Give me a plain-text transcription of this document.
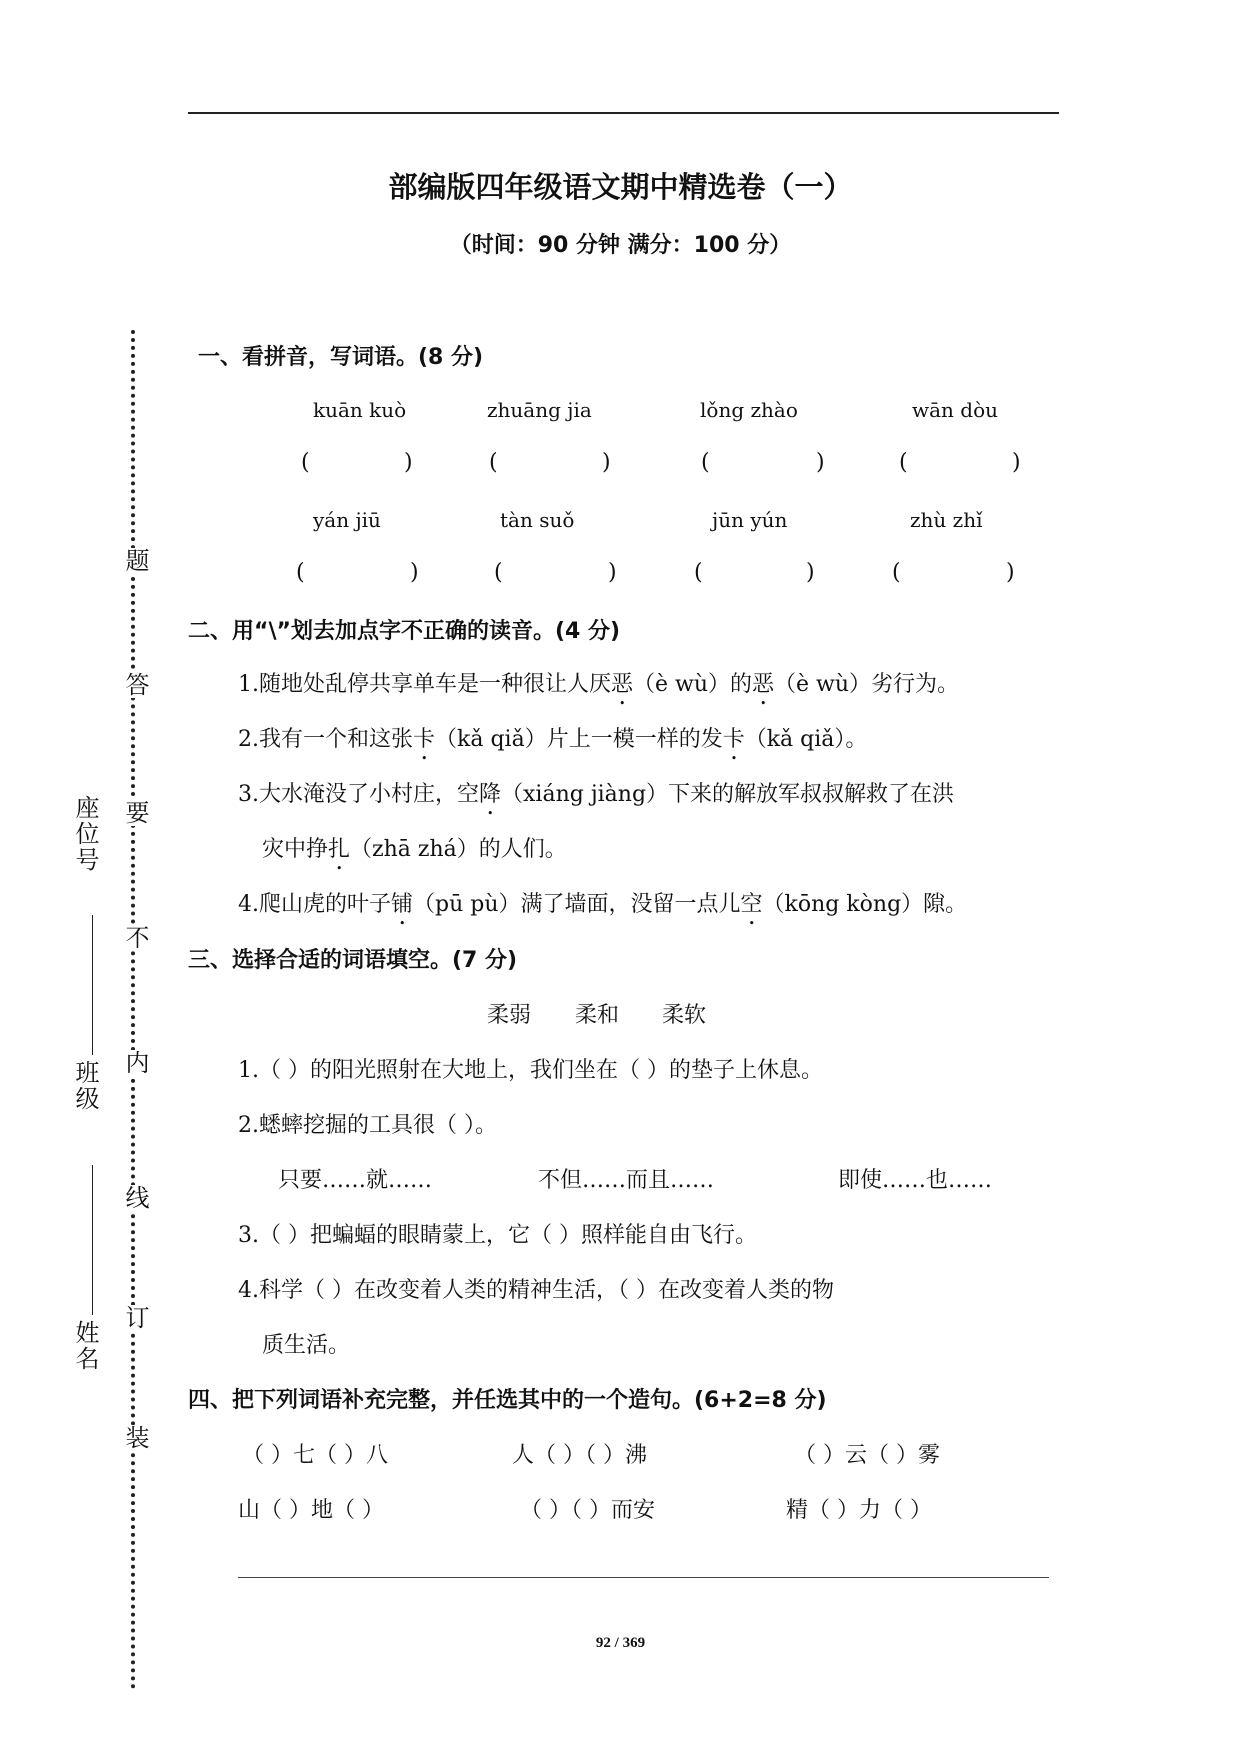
部编版四年级语文期中精选卷（一）
（时间：90 分钟 满分：100 分）
装
订
线
内
不
要
答
题
姓名
班级
座位号
一、看拼音，写词语。(8 分)
kuān kuò	zhuāng jia	lǒng zhào	wān dòu
(	)	(	)	(	)	(	)
yán jiū	tàn suǒ	jūn yún	zhù zhǐ
(	)	(	)	(	)	(	)
二、用“\”划去加点字不正确的读音。(4 分)
1.随地处乱停共享单车是一种很让人厌恶（è wù）的恶（è wù）劣行为。
2.我有一个和这张卡（kǎ qiǎ）片上一模一样的发卡（kǎ qiǎ）。
3.大水淹没了小村庄，空降（xiáng jiàng）下来的解放军叔叔解救了在洪
灾中挣扎（zhā zhá）的人们。
4.爬山虎的叶子铺（pū pù）满了墙面，没留一点儿空（kōng kòng）隙。
三、选择合适的词语填空。(7 分)
柔弱 柔和 柔软
1.（ ）的阳光照射在大地上，我们坐在（ ）的垫子上休息。
2.蟋蟀挖掘的工具很（ ）。
只要……就……	不但……而且……	即使……也……
3.（ ）把蝙蝠的眼睛蒙上，它（ ）照样能自由飞行。
4.科学（ ）在改变着人类的精神生活，（ ）在改变着人类的物
质生活。
四、把下列词语补充完整，并任选其中的一个造句。(6+2=8 分)
（ ）七（ ）八	人（ ）（ ）沸	（ ）云（ ）雾
山（ ）地（ ）	（ ）（ ）而安	精（ ）力（ ）
92 / 369
